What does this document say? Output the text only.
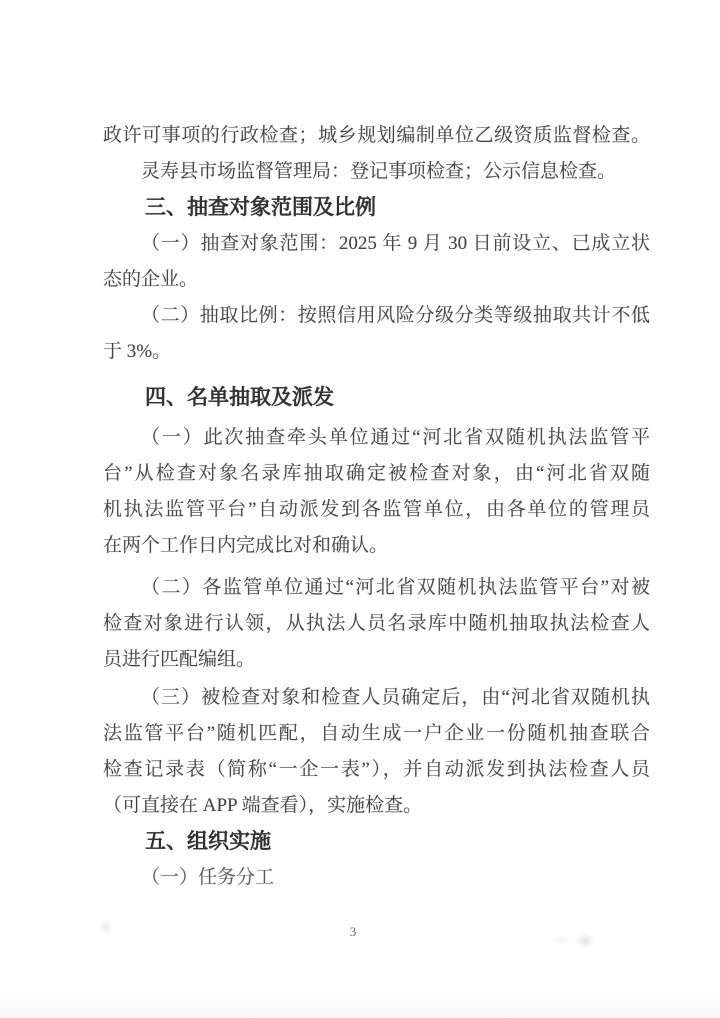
政许可事项的行政检查；城乡规划编制单位乙级资质监督检查。

灵寿县市场监督管理局：登记事项检查；公示信息检查。

三、抽查对象范围及比例

（一）抽查对象范围：2025 年 9 月 30 日前设立、已成立状
态的企业。

（二）抽取比例：按照信用风险分级分类等级抽取共计不低
于 3%。

四、名单抽取及派发

（一）此次抽查牵头单位通过“河北省双随机执法监管平
台”从检查对象名录库抽取确定被检查对象，由“河北省双随
机执法监管平台”自动派发到各监管单位，由各单位的管理员
在两个工作日内完成比对和确认。

（二）各监管单位通过“河北省双随机执法监管平台”对被
检查对象进行认领，从执法人员名录库中随机抽取执法检查人
员进行匹配编组。

（三）被检查对象和检查人员确定后，由“河北省双随机执
法监管平台”随机匹配，自动生成一户企业一份随机抽查联合
检查记录表（简称“一企一表”），并自动派发到执法检查人员
（可直接在 APP 端查看），实施检查。

五、组织实施

（一）任务分工

3
